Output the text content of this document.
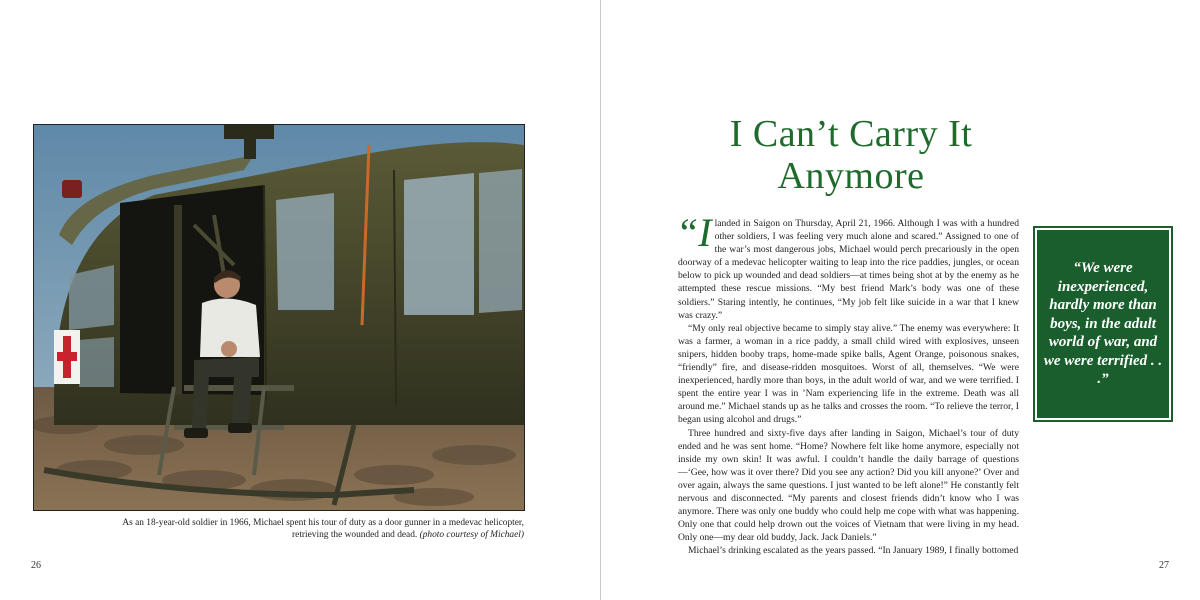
As an 18-year-old soldier in 1966, Michael spent his tour of duty as a door gunner in a medevac helicopter, retrieving the wounded and dead. (photo courtesy of Michael)
26
I Can’t Carry It
Anymore

“Ilanded in Saigon on Thursday, April 21, 1966. Although I was with a hundred other soldiers, I was feeling very much alone and scared.” Assigned to one of the war’s most dangerous jobs, Michael would perch precariously in the open doorway of a medevac helicopter waiting to leap into the rice paddies, jungles, or ocean below to pick up wounded and dead soldiers—at times being shot at by the enemy as he attempted these rescue missions. “My best friend Mark’s body was one of these soldiers.” Staring intently, he continues, “My job felt like suicide in a war that I knew was crazy.”

“My only real objective became to simply stay alive.” The enemy was everywhere: It was a farmer, a woman in a rice paddy, a small child wired with explosives, unseen snipers, hidden booby traps, home-made spike balls, Agent Orange, poisonous snakes, “friendly” fire, and disease-ridden mosquitoes. Worst of all, themselves. “We were inexperienced, hardly more than boys, in the adult world of war, and we were terrified. I spent the entire year I was in ’Nam experiencing life in the extreme. Death was all around me.” Michael stands up as he talks and crosses the room. “To relieve the terror, I began using alcohol and drugs.”

Three hundred and sixty-five days after landing in Saigon, Michael’s tour of duty ended and he was sent home. “Home? Nowhere felt like home anymore, especially not inside my own skin! It was awful. I couldn’t handle the daily barrage of questions—‘Gee, how was it over there? Did you see any action? Did you kill anyone?’ Over and over again, always the same questions. I just wanted to be left alone!” He constantly felt nervous and disconnected. “My parents and closest friends didn’t know who I was anymore. There was only one buddy who could help me cope with what was happening. Only one that could help drown out the voices of Vietnam that were living in my head. Only one—my dear old buddy, Jack. Jack Daniels.”

Michael’s drinking escalated as the years passed. “In January 1989, I finally bottomed

“We were inexperienced, hardly more than boys, in the adult world of war, and we were terrified . . .”
27
